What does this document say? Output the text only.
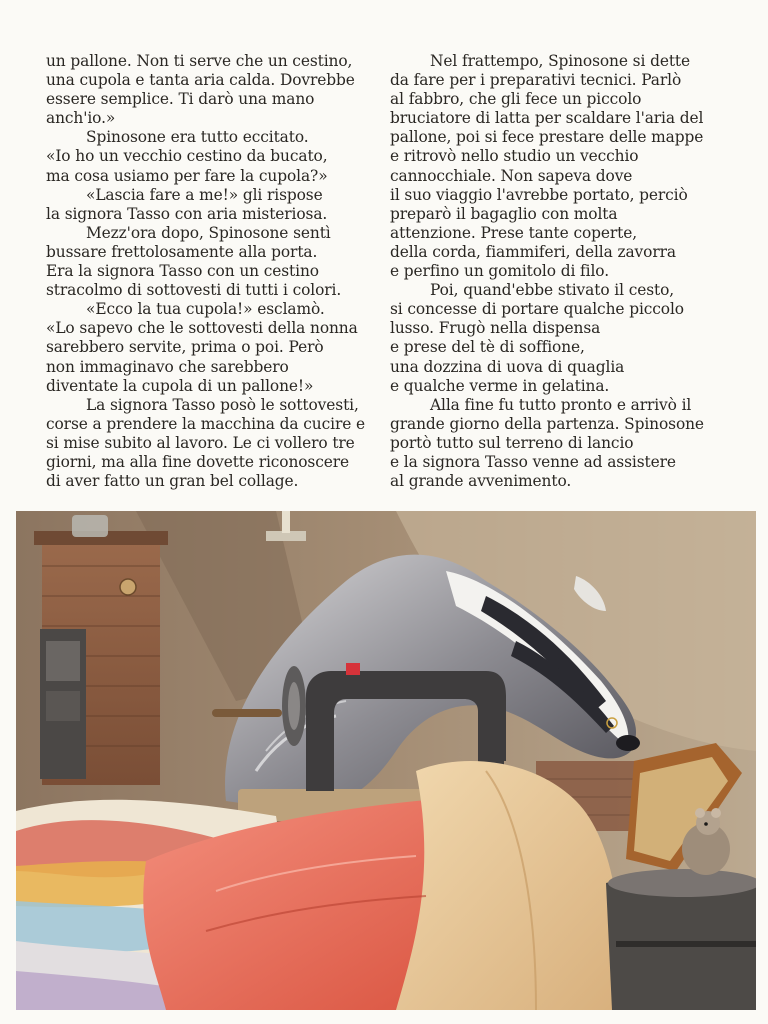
un pallone. Non ti serve che un cestino,
una cupola e tanta aria calda. Dovrebbe
essere semplice. Ti darò una mano
anch'io.»
Spinosone era tutto eccitato.
«Io ho un vecchio cestino da bucato,
ma cosa usiamo per fare la cupola?»
«Lascia fare a me!» gli rispose
la signora Tasso con aria misteriosa.
Mezz'ora dopo, Spinosone sentì
bussare frettolosamente alla porta.
Era la signora Tasso con un cestino
stracolmo di sottovesti di tutti i colori.
«Ecco la tua cupola!» esclamò.
«Lo sapevo che le sottovesti della nonna
sarebbero servite, prima o poi. Però
non immaginavo che sarebbero
diventate la cupola di un pallone!»
La signora Tasso posò le sottovesti,
corse a prendere la macchina da cucire e
si mise subito al lavoro. Le ci vollero tre
giorni, ma alla fine dovette riconoscere
di aver fatto un gran bel collage.
Nel frattempo, Spinosone si dette
da fare per i preparativi tecnici. Parlò
al fabbro, che gli fece un piccolo
bruciatore di latta per scaldare l'aria del
pallone, poi si fece prestare delle mappe
e ritrovò nello studio un vecchio
cannocchiale. Non sapeva dove
il suo viaggio l'avrebbe portato, perciò
preparò il bagaglio con molta
attenzione. Prese tante coperte,
della corda, fiammiferi, della zavorra
e perfino un gomitolo di filo.
Poi, quand'ebbe stivato il cesto,
si concesse di portare qualche piccolo
lusso. Frugò nella dispensa
e prese del tè di soffione,
una dozzina di uova di quaglia
e qualche verme in gelatina.
Alla fine fu tutto pronto e arrivò il
grande giorno della partenza. Spinosone
portò tutto sul terreno di lancio
e la signora Tasso venne ad assistere
al grande avvenimento.
